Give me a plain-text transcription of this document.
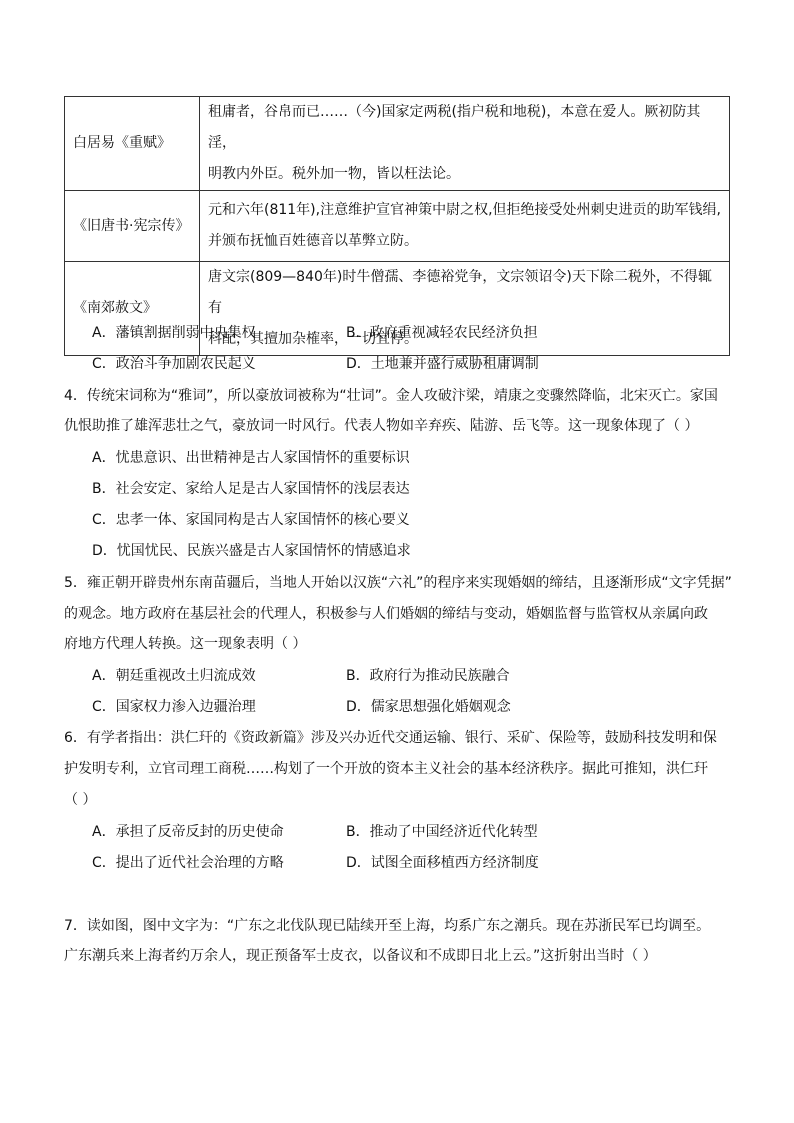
白居易《重赋》	租庸者，谷帛而已……（今)国家定两税(指户税和地税)，本意在爱人。厥初防其淫，
明教内外臣。税外加一物，皆以枉法论。

《旧唐书·宪宗传》	元和六年(811年),注意维护宣官神策中尉之权,但拒绝接受处州刺史进贡的助军钱绢,
并颁布抚恤百姓德音以革弊立防。

《南郊赦文》	唐文宗(809—840年)时牛僧孺、李德裕党争，文宗领诏令)天下除二税外，不得辄有
科配，其擅加杂榷率，一切宜停。
A．藩镇割据削弱中央集权	B．政府重视减轻农民经济负担
C．政治斗争加剧农民起义	D．土地兼并盛行威胁租庸调制
4．传统宋词称为“雅词”，所以豪放词被称为“壮词”。金人攻破汴梁，靖康之变骤然降临，北宋灭亡。家国
仇恨助推了雄浑悲壮之气，豪放词一时风行。代表人物如辛弃疾、陆游、岳飞等。这一现象体现了（ ）
A．忧患意识、出世精神是古人家国情怀的重要标识
B．社会安定、家给人足是古人家国情怀的浅层表达
C．忠孝一体、家国同构是古人家国情怀的核心要义
D．忧国忧民、民族兴盛是古人家国情怀的情感追求
5．雍正朝开辟贵州东南苗疆后，当地人开始以汉族“六礼”的程序来实现婚姻的缔结，且逐渐形成“文字凭据”
的观念。地方政府在基层社会的代理人，积极参与人们婚姻的缔结与变动，婚姻监督与监管权从亲属向政
府地方代理人转换。这一现象表明（ ）
A．朝廷重视改土归流成效	B．政府行为推动民族融合
C．国家权力渗入边疆治理	D．儒家思想强化婚姻观念
6．有学者指出：洪仁玕的《资政新篇》涉及兴办近代交通运输、银行、采矿、保险等，鼓励科技发明和保
护发明专利，立官司理工商税……构划了一个开放的资本主义社会的基本经济秩序。据此可推知，洪仁玕
（ ）
A．承担了反帝反封的历史使命	B．推动了中国经济近代化转型
C．提出了近代社会治理的方略	D．试图全面移植西方经济制度
7．读如图，图中文字为：“广东之北伐队现已陆续开至上海，均系广东之潮兵。现在苏浙民军已均调至。
广东潮兵来上海者约万余人，现正预备军士皮衣，以备议和不成即日北上云。”这折射出当时（ ）
